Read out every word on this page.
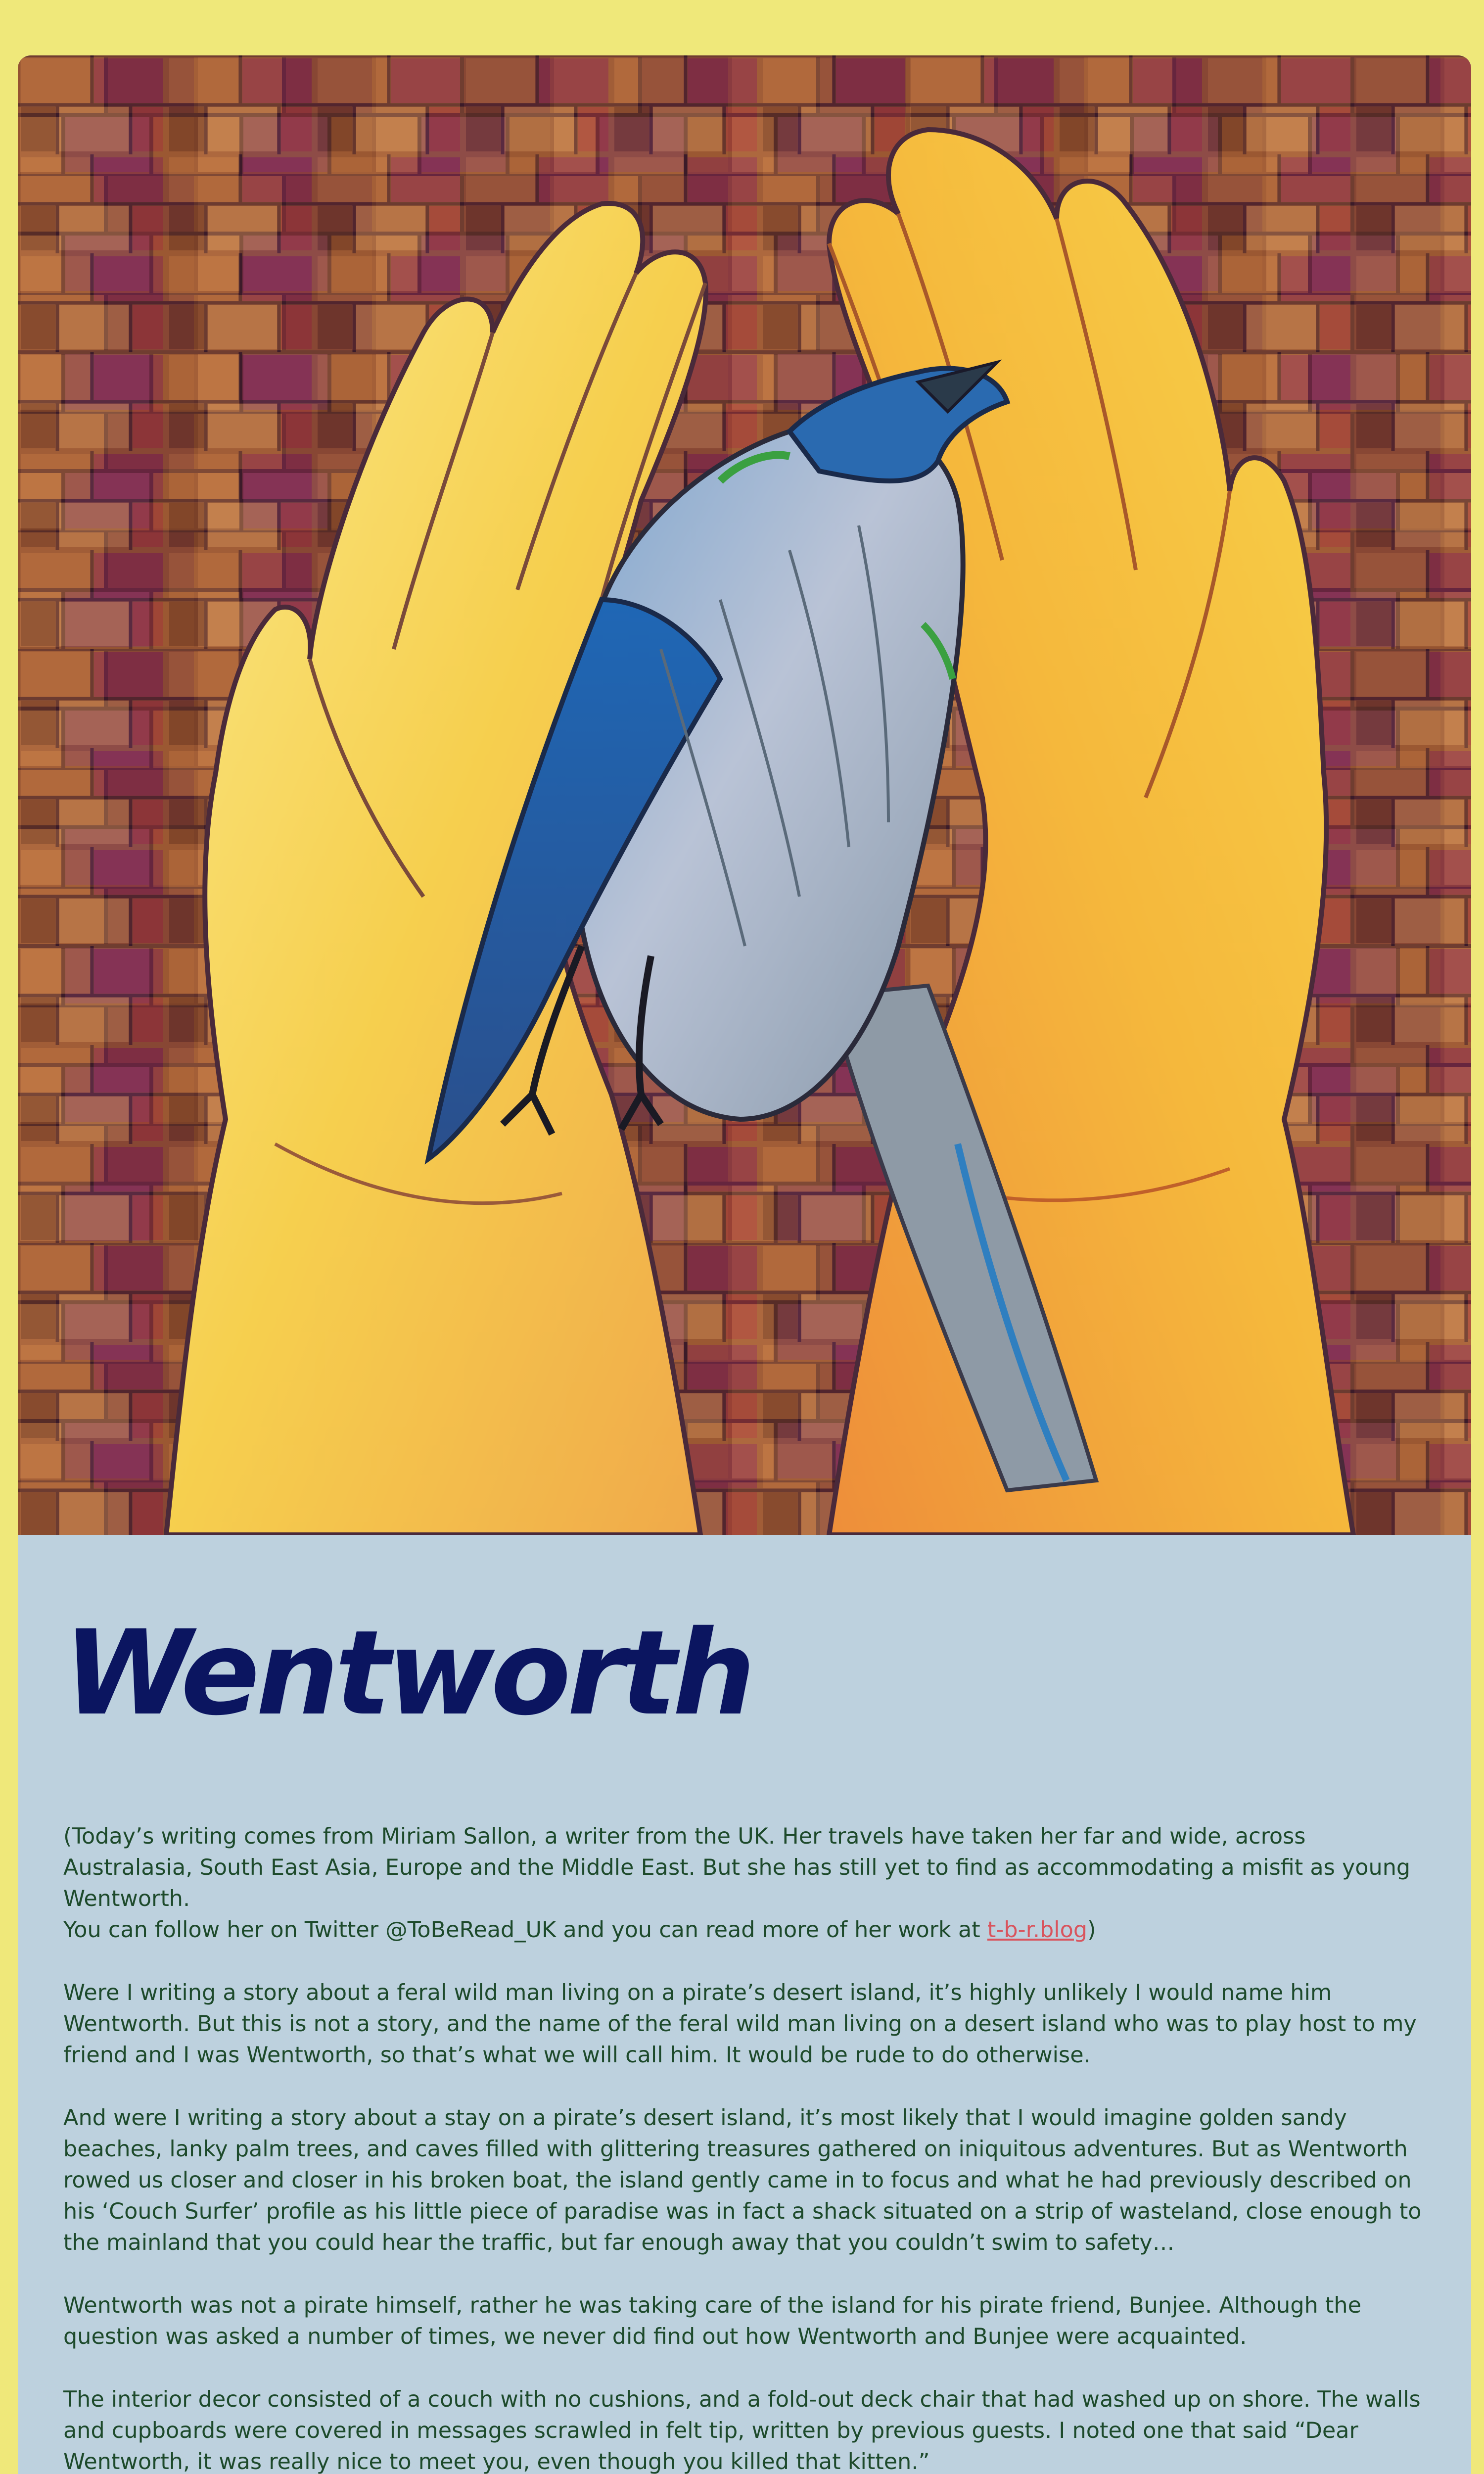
Wentworth

(Today’s writing comes from Miriam Sallon, a writer from the UK. Her travels have taken her far and wide, across Australasia, South East Asia, Europe and the Middle East. But she has still yet to find as accommodating a misfit as young Wentworth.
You can follow her on Twitter @ToBeRead_UK and you can read more of her work at t-b-r.blog)

Were I writing a story about a feral wild man living on a pirate’s desert island, it’s highly unlikely I would name him Wentworth. But this is not a story, and the name of the feral wild man living on a desert island who was to play host to my friend and I was Wentworth, so that’s what we will call him. It would be rude to do otherwise.

And were I writing a story about a stay on a pirate’s desert island, it’s most likely that I would imagine golden sandy beaches, lanky palm trees, and caves filled with glittering treasures gathered on iniquitous adventures. But as Wentworth rowed us closer and closer in his broken boat, the island gently came in to focus and what he had previously described on his ‘Couch Surfer’ profile as his little piece of paradise was in fact a shack situated on a strip of wasteland, close enough to the mainland that you could hear the traffic, but far enough away that you couldn’t swim to safety…

Wentworth was not a pirate himself, rather he was taking care of the island for his pirate friend, Bunjee. Although the question was asked a number of times, we never did find out how Wentworth and Bunjee were acquainted.

The interior decor consisted of a couch with no cushions, and a fold-out deck chair that had washed up on shore. The walls and cupboards were covered in messages scrawled in felt tip, written by previous guests. I noted one that said “Dear Wentworth, it was really nice to meet you, even though you killed that kitten.”
